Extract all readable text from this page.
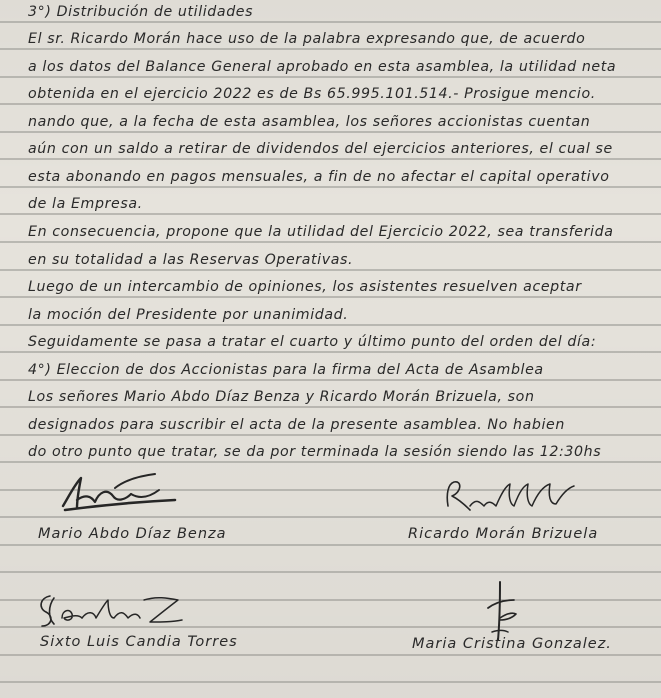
3°) Distribución de utilidades
El sr. Ricardo Morán hace uso de la palabra expresando que, de acuerdo
a los datos del Balance General aprobado en esta asamblea, la utilidad neta
obtenida en el ejercicio 2022 es de Bs 65.995.101.514.- Prosigue mencio.
nando que, a la fecha de esta asamblea, los señores accionistas cuentan
aún con un saldo a retirar de dividendos del ejercicios anteriores, el cual se
esta abonando en pagos mensuales, a fin de no afectar el capital operativo
de la Empresa.
En consecuencia, propone que la utilidad del Ejercicio 2022, sea transferida
en su totalidad a las Reservas Operativas.
Luego de un intercambio de opiniones, los asistentes resuelven aceptar
la moción del Presidente por unanimidad.
Seguidamente se pasa a tratar el cuarto y último punto del orden del día:
4°) Eleccion de dos Accionistas para la firma del Acta de Asamblea
Los señores Mario Abdo Díaz Benza y Ricardo Morán Brizuela, son
designados para suscribir el acta de la presente asamblea. No habien
do otro punto que tratar, se da por terminada la sesión siendo las 12:30hs
Mario Abdo Díaz Benza	Ricardo Morán Brizuela
Sixto Luis Candia Torres	Maria Cristina Gonzalez.
